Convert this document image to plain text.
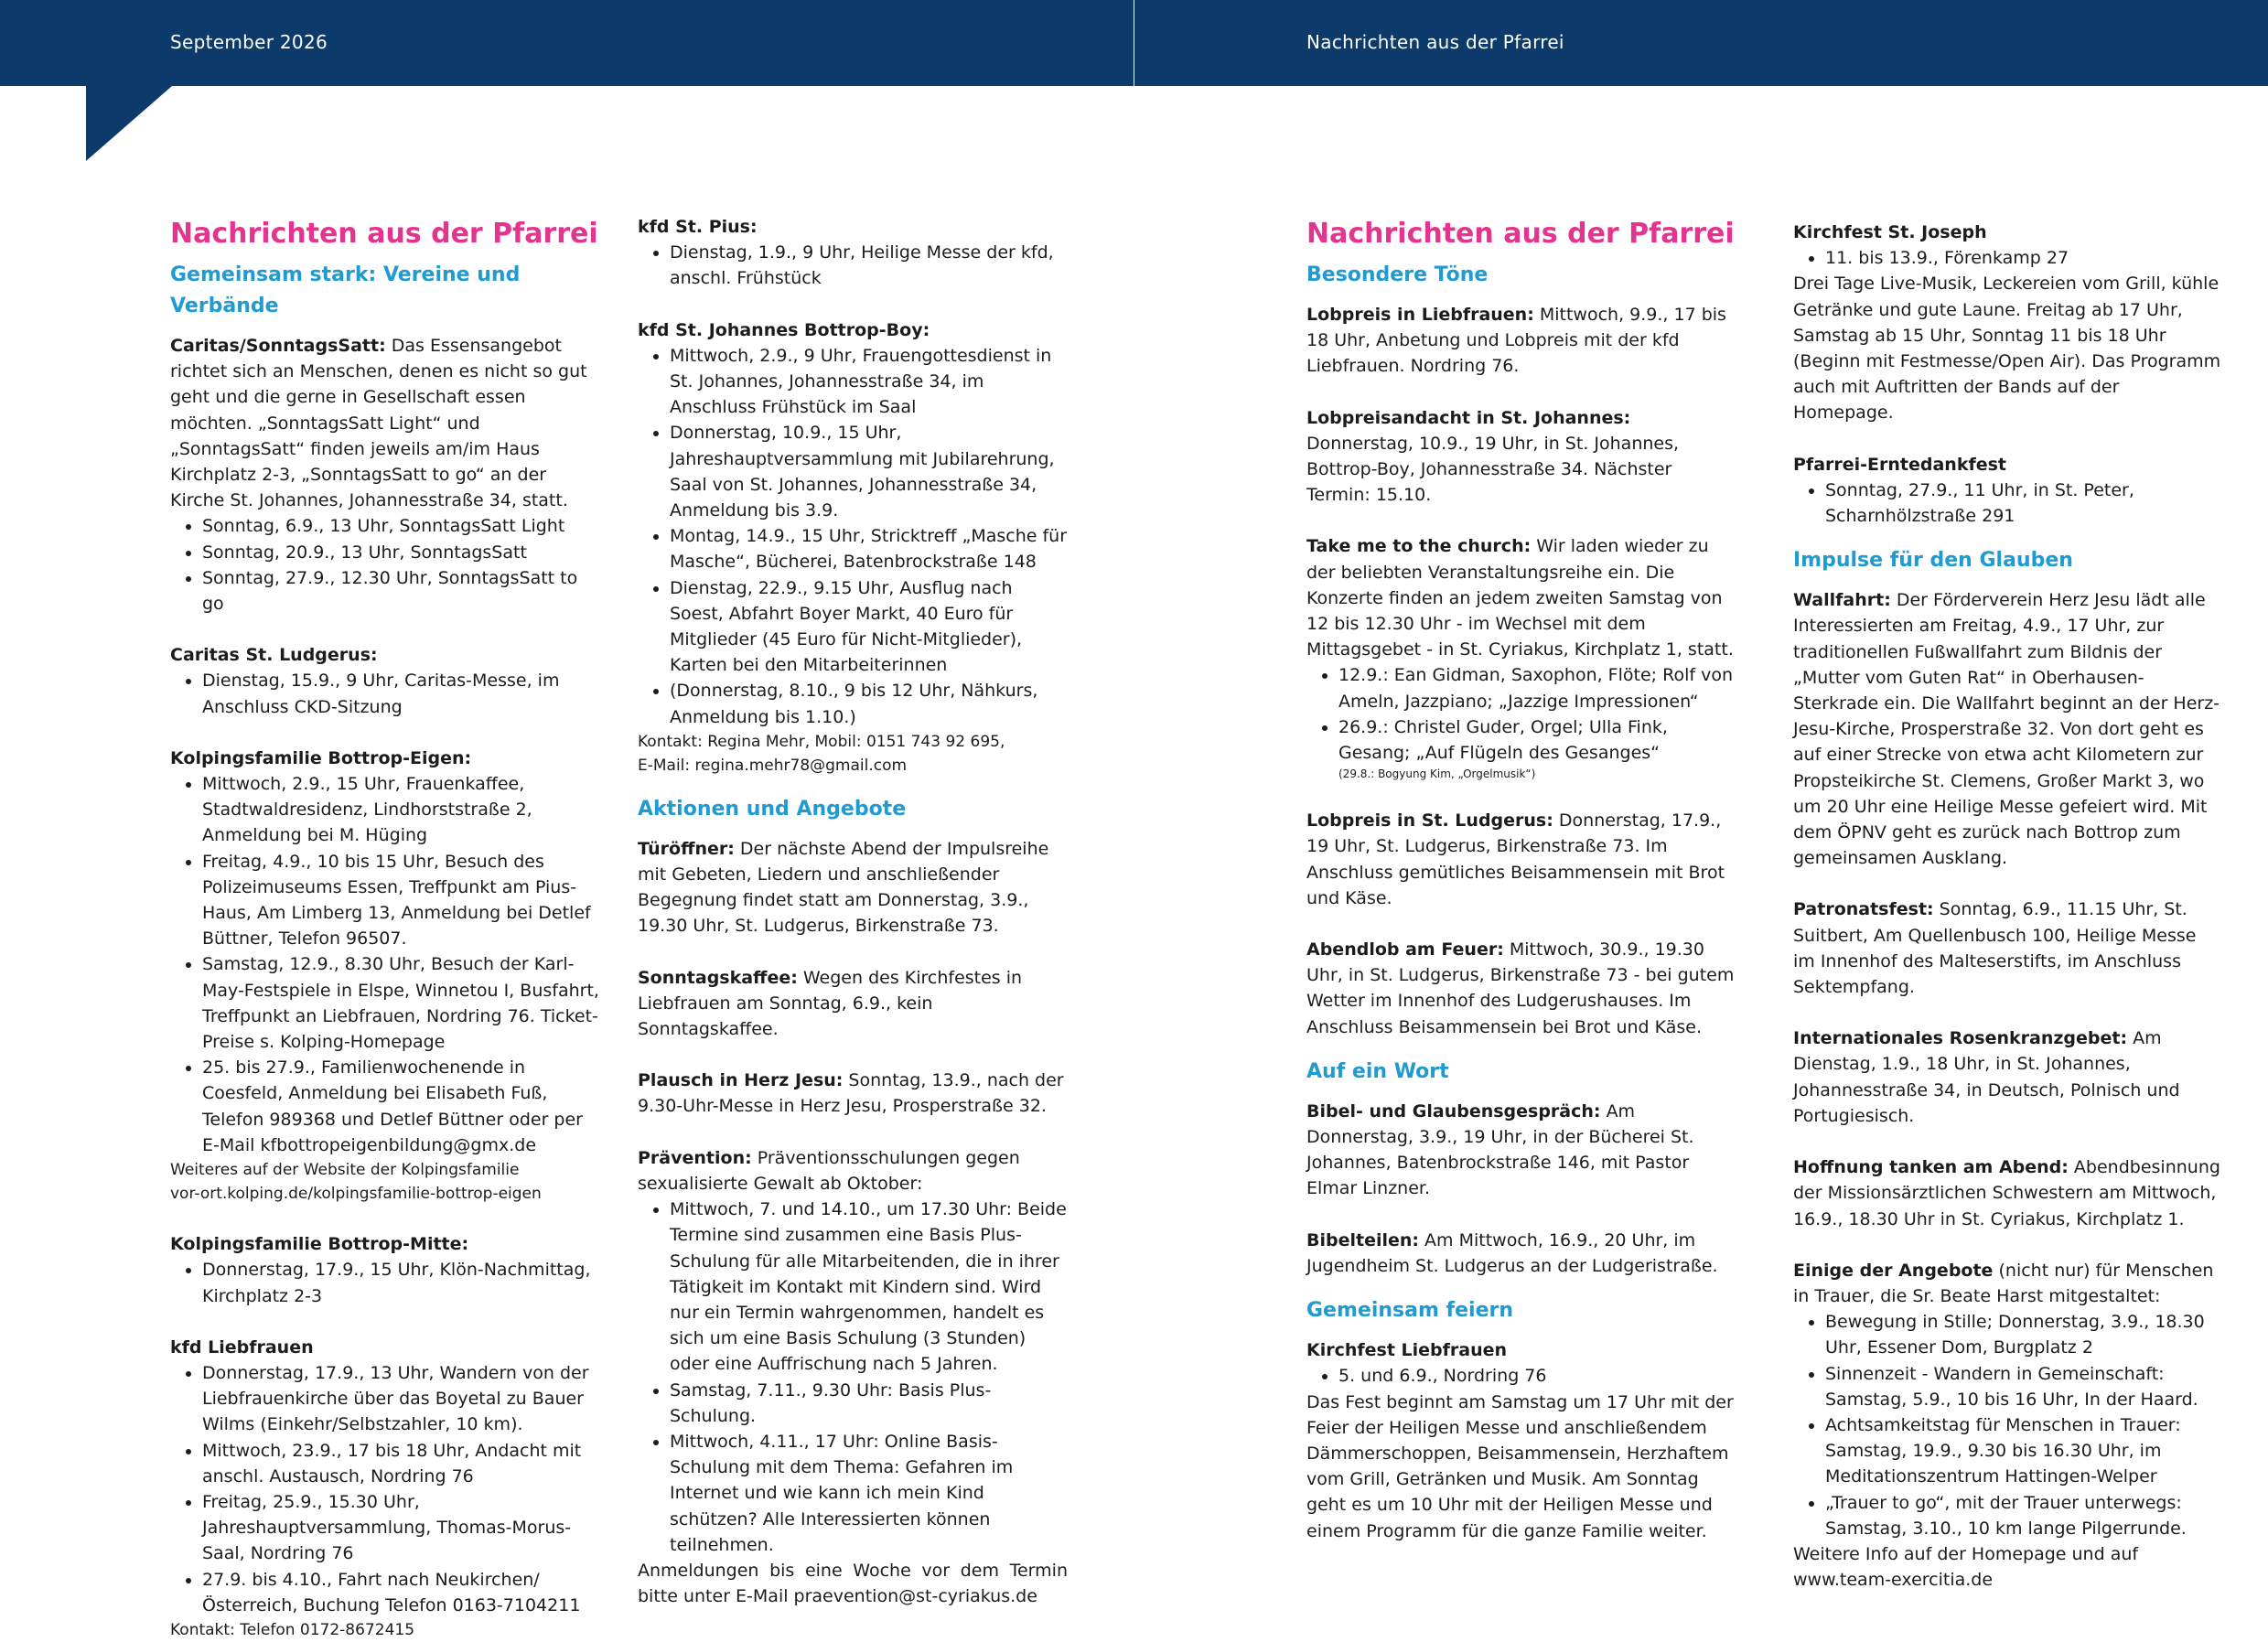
September 2026	Nachrichten aus der Pfarrei

Nachrichten aus der Pfarrei

Gemeinsam stark: Vereine und Verbände

Caritas/SonntagsSatt: Das Essensangebot richtet sich an Menschen, denen es nicht so gut geht und die gerne in Gesellschaft essen möchten. „SonntagsSatt Light“ und „SonntagsSatt“ finden jeweils am/im Haus Kirchplatz 2-3, „SonntagsSatt to go“ an der Kirche St. Johannes, Johannesstraße 34, statt.

• Sonntag, 6.9., 13 Uhr, SonntagsSatt Light
• Sonntag, 20.9., 13 Uhr, SonntagsSatt
• Sonntag, 27.9., 12.30 Uhr, SonntagsSatt to go

Caritas St. Ludgerus:

• Dienstag, 15.9., 9 Uhr, Caritas-Messe, im Anschluss CKD-Sitzung

Kolpingsfamilie Bottrop-Eigen:

• Mittwoch, 2.9., 15 Uhr, Frauenkaffee, Stadtwaldresidenz, Lindhorststraße 2, Anmeldung bei M. Hüging
• Freitag, 4.9., 10 bis 15 Uhr, Besuch des Polizeimuseums Essen, Treffpunkt am Pius-Haus, Am Limberg 13, Anmeldung bei Detlef Büttner, Telefon 96507.
• Samstag, 12.9., 8.30 Uhr, Besuch der Karl-May-Festspiele in Elspe, Winnetou I, Busfahrt, Treffpunkt an Liebfrauen, Nordring 76. Ticket-Preise s. Kolping-Homepage
• 25. bis 27.9., Familienwochenende in Coesfeld, Anmeldung bei Elisabeth Fuß, Telefon 989368 und Detlef Büttner oder per E-Mail kfbottropeigenbildung@gmx.de

Weiteres auf der Website der Kolpingsfamilie

vor-ort.kolping.de/kolpingsfamilie-bottrop-eigen

Kolpingsfamilie Bottrop-Mitte:

• Donnerstag, 17.9., 15 Uhr, Klön-Nachmittag, Kirchplatz 2-3

kfd Liebfrauen

• Donnerstag, 17.9., 13 Uhr, Wandern von der Liebfrauenkirche über das Boyetal zu Bauer Wilms (Einkehr/Selbstzahler, 10 km).
• Mittwoch, 23.9., 17 bis 18 Uhr, Andacht mit anschl. Austausch, Nordring 76
• Freitag, 25.9., 15.30 Uhr, Jahreshauptversammlung, Thomas-Morus-Saal, Nordring 76
• 27.9. bis 4.10., Fahrt nach Neukirchen/Österreich, Buchung Telefon 0163-7104211

Kontakt: Telefon 0172-8672415

kfd St. Pius:

• Dienstag, 1.9., 9 Uhr, Heilige Messe der kfd, anschl. Frühstück

kfd St. Johannes Bottrop-Boy:

• Mittwoch, 2.9., 9 Uhr, Frauengottesdienst in St. Johannes, Johannesstraße 34, im Anschluss Frühstück im Saal
• Donnerstag, 10.9., 15 Uhr, Jahreshauptversammlung mit Jubilarehrung, Saal von St. Johannes, Johannesstraße 34, Anmeldung bis 3.9.
• Montag, 14.9., 15 Uhr, Stricktreff „Masche für Masche“, Bücherei, Batenbrockstraße 148
• Dienstag, 22.9., 9.15 Uhr, Ausflug nach Soest, Abfahrt Boyer Markt, 40 Euro für Mitglieder (45 Euro für Nicht-Mitglieder), Karten bei den Mitarbeiterinnen
• (Donnerstag, 8.10., 9 bis 12 Uhr, Nähkurs, Anmeldung bis 1.10.)

Kontakt: Regina Mehr, Mobil: 0151 743 92 695,

E-Mail: regina.mehr78@gmail.com

Aktionen und Angebote

Türöffner: Der nächste Abend der Impulsreihe mit Gebeten, Liedern und anschließender Begegnung findet statt am Donnerstag, 3.9., 19.30 Uhr, St. Ludgerus, Birkenstraße 73.

Sonntagskaffee: Wegen des Kirchfestes in Liebfrauen am Sonntag, 6.9., kein Sonntagskaffee.

Plausch in Herz Jesu: Sonntag, 13.9., nach der 9.30-Uhr-Messe in Herz Jesu, Prosperstraße 32.

Prävention: Präventionsschulungen gegen sexualisierte Gewalt ab Oktober:

• Mittwoch, 7. und 14.10., um 17.30 Uhr: Beide Termine sind zusammen eine Basis Plus-Schulung für alle Mitarbeitenden, die in ihrer Tätigkeit im Kontakt mit Kindern sind. Wird nur ein Termin wahrgenommen, handelt es sich um eine Basis Schulung (3 Stunden) oder eine Auffrischung nach 5 Jahren.
• Samstag, 7.11., 9.30 Uhr: Basis Plus-Schulung.
• Mittwoch, 4.11., 17 Uhr: Online Basis-Schulung mit dem Thema: Gefahren im Internet und wie kann ich mein Kind schützen? Alle Interessierten können teilnehmen.

Anmeldungen bis eine Woche vor dem Termin bitte unter E-Mail praevention@st-cyriakus.de

Nachrichten aus der Pfarrei

Besondere Töne

Lobpreis in Liebfrauen: Mittwoch, 9.9., 17 bis 18 Uhr, Anbetung und Lobpreis mit der kfd Liebfrauen. Nordring 76.

Lobpreisandacht in St. Johannes: Donnerstag, 10.9., 19 Uhr, in St. Johannes, Bottrop-Boy, Johannesstraße 34. Nächster Termin: 15.10.

Take me to the church: Wir laden wieder zu der beliebten Veranstaltungsreihe ein. Die Konzerte finden an jedem zweiten Samstag von 12 bis 12.30 Uhr - im Wechsel mit dem Mittagsgebet - in St. Cyriakus, Kirchplatz 1, statt.

• 12.9.: Ean Gidman, Saxophon, Flöte; Rolf von Ameln, Jazzpiano; „Jazzige Impressionen“
• 26.9.: Christel Guder, Orgel; Ulla Fink, Gesang; „Auf Flügeln des Gesanges“

(29.8.: Bogyung Kim, „Orgelmusik“)

Lobpreis in St. Ludgerus: Donnerstag, 17.9., 19 Uhr, St. Ludgerus, Birkenstraße 73. Im Anschluss gemütliches Beisammensein mit Brot und Käse.

Abendlob am Feuer: Mittwoch, 30.9., 19.30 Uhr, in St. Ludgerus, Birkenstraße 73 - bei gutem Wetter im Innenhof des Ludgerushauses. Im Anschluss Beisammensein bei Brot und Käse.

Auf ein Wort

Bibel- und Glaubensgespräch: Am Donnerstag, 3.9., 19 Uhr, in der Bücherei St. Johannes, Batenbrockstraße 146, mit Pastor Elmar Linzner.

Bibelteilen: Am Mittwoch, 16.9., 20 Uhr, im Jugendheim St. Ludgerus an der Ludgeristraße.

Gemeinsam feiern

Kirchfest Liebfrauen

• 5. und 6.9., Nordring 76

Das Fest beginnt am Samstag um 17 Uhr mit der Feier der Heiligen Messe und anschließendem Dämmerschoppen, Beisammensein, Herzhaftem vom Grill, Getränken und Musik. Am Sonntag geht es um 10 Uhr mit der Heiligen Messe und einem Programm für die ganze Familie weiter.

Kirchfest St. Joseph

• 11. bis 13.9., Förenkamp 27

Drei Tage Live-Musik, Leckereien vom Grill, kühle Getränke und gute Laune. Freitag ab 17 Uhr, Samstag ab 15 Uhr, Sonntag 11 bis 18 Uhr (Beginn mit Festmesse/Open Air). Das Programm auch mit Auftritten der Bands auf der Homepage.

Pfarrei-Erntedankfest

• Sonntag, 27.9., 11 Uhr, in St. Peter, Scharnhölzstraße 291

Impulse für den Glauben

Wallfahrt: Der Förderverein Herz Jesu lädt alle Interessierten am Freitag, 4.9., 17 Uhr, zur traditionellen Fußwallfahrt zum Bildnis der „Mutter vom Guten Rat“ in Oberhausen-Sterkrade ein. Die Wallfahrt beginnt an der Herz-Jesu-Kirche, Prosperstraße 32. Von dort geht es auf einer Strecke von etwa acht Kilometern zur Propsteikirche St. Clemens, Großer Markt 3, wo um 20 Uhr eine Heilige Messe gefeiert wird. Mit dem ÖPNV geht es zurück nach Bottrop zum gemeinsamen Ausklang.

Patronatsfest: Sonntag, 6.9., 11.15 Uhr, St. Suitbert, Am Quellenbusch 100, Heilige Messe im Innenhof des Malteserstifts, im Anschluss Sektempfang.

Internationales Rosenkranzgebet: Am Dienstag, 1.9., 18 Uhr, in St. Johannes, Johannesstraße 34, in Deutsch, Polnisch und Portugiesisch.

Hoffnung tanken am Abend: Abendbesinnung der Missionsärztlichen Schwestern am Mittwoch, 16.9., 18.30 Uhr in St. Cyriakus, Kirchplatz 1.

Einige der Angebote (nicht nur) für Menschen in Trauer, die Sr. Beate Harst mitgestaltet:

• Bewegung in Stille; Donnerstag, 3.9., 18.30 Uhr, Essener Dom, Burgplatz 2
• Sinnenzeit - Wandern in Gemeinschaft: Samstag, 5.9., 10 bis 16 Uhr, In der Haard.
• Achtsamkeitstag für Menschen in Trauer: Samstag, 19.9., 9.30 bis 16.30 Uhr, im Meditationszentrum Hattingen-Welper
• „Trauer to go“, mit der Trauer unterwegs: Samstag, 3.10., 10 km lange Pilgerrunde.

Weitere Info auf der Homepage und auf

www.team-exercitia.de
